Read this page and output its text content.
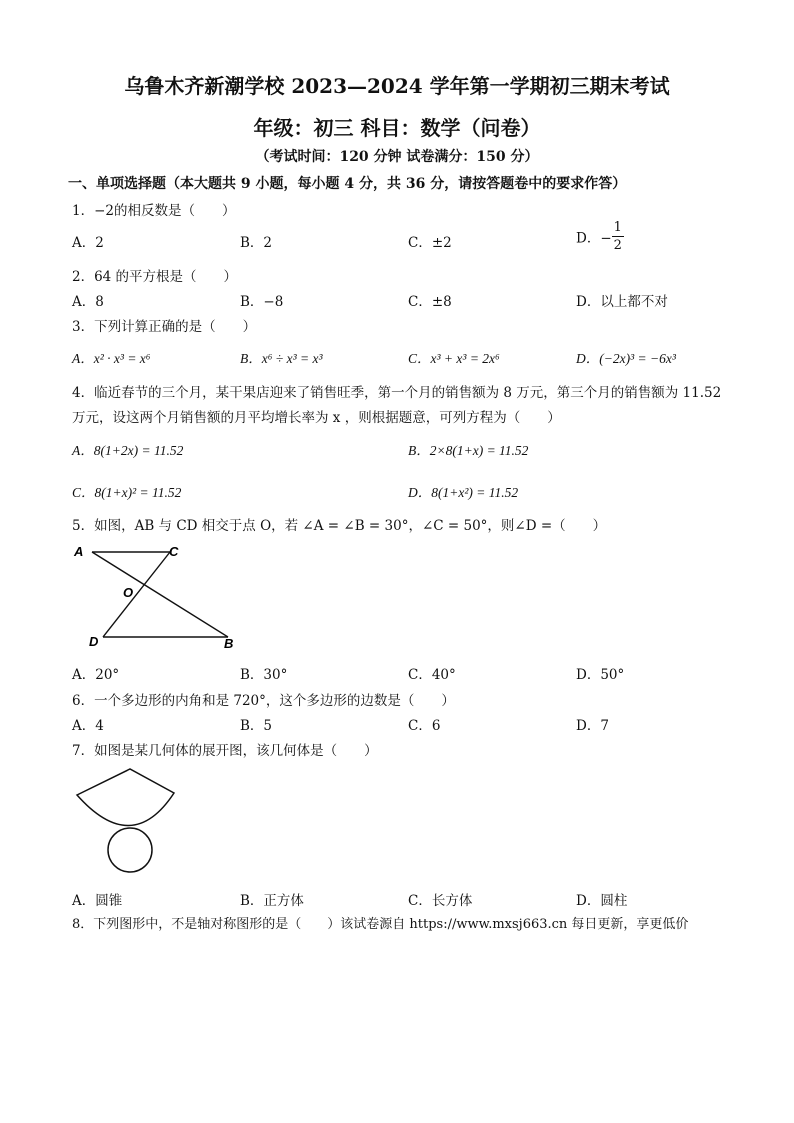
乌鲁木齐新潮学校 2023—2024 学年第一学期初三期末考试
年级：初三 科目：数学（问卷）
（考试时间：120 分钟 试卷满分：150 分）
一、单项选择题（本大题共 9 小题，每小题 4 分，共 36 分，请按答题卷中的要求作答）
1．−2的相反数是（　　）
A．2	B．2	C．±2	D．− $\frac{1}{2}$
2．64 的平方根是（　　）
A．8	B．−8	C．±8	D．以上都不对
3．下列计算正确的是（　　）
A．x² · x³ = x⁶	B．x⁶ ÷ x³ = x³	C．x³ + x³ = 2x⁶	D．(−2x)³ = −6x³
4．临近春节的三个月，某干果店迎来了销售旺季，第一个月的销售额为 8 万元，第三个月的销售额为 11.52
万元，设这两个月销售额的月平均增长率为 x ，则根据题意，可列方程为（　　）
A．8(1+2x) = 11.52	B．2×8(1+x) = 11.52
C．8(1+x)² = 11.52	D．8(1+x²) = 11.52
5．如图，AB 与 CD 相交于点 O，若 ∠A = ∠B = 30°，∠C = 50°，则∠D =（　　）
A	C
O
D	B
A．20°	B．30°	C．40°	D．50°
6．一个多边形的内角和是 720°，这个多边形的边数是（　　）
A．4	B．5	C．6	D．7
7．如图是某几何体的展开图，该几何体是（　　）
A．圆锥	B．正方体	C．长方体	D．圆柱
8．下列图形中，不是轴对称图形的是（　　）该试卷源自 https://www.mxsj663.cn 每日更新，享更低价
